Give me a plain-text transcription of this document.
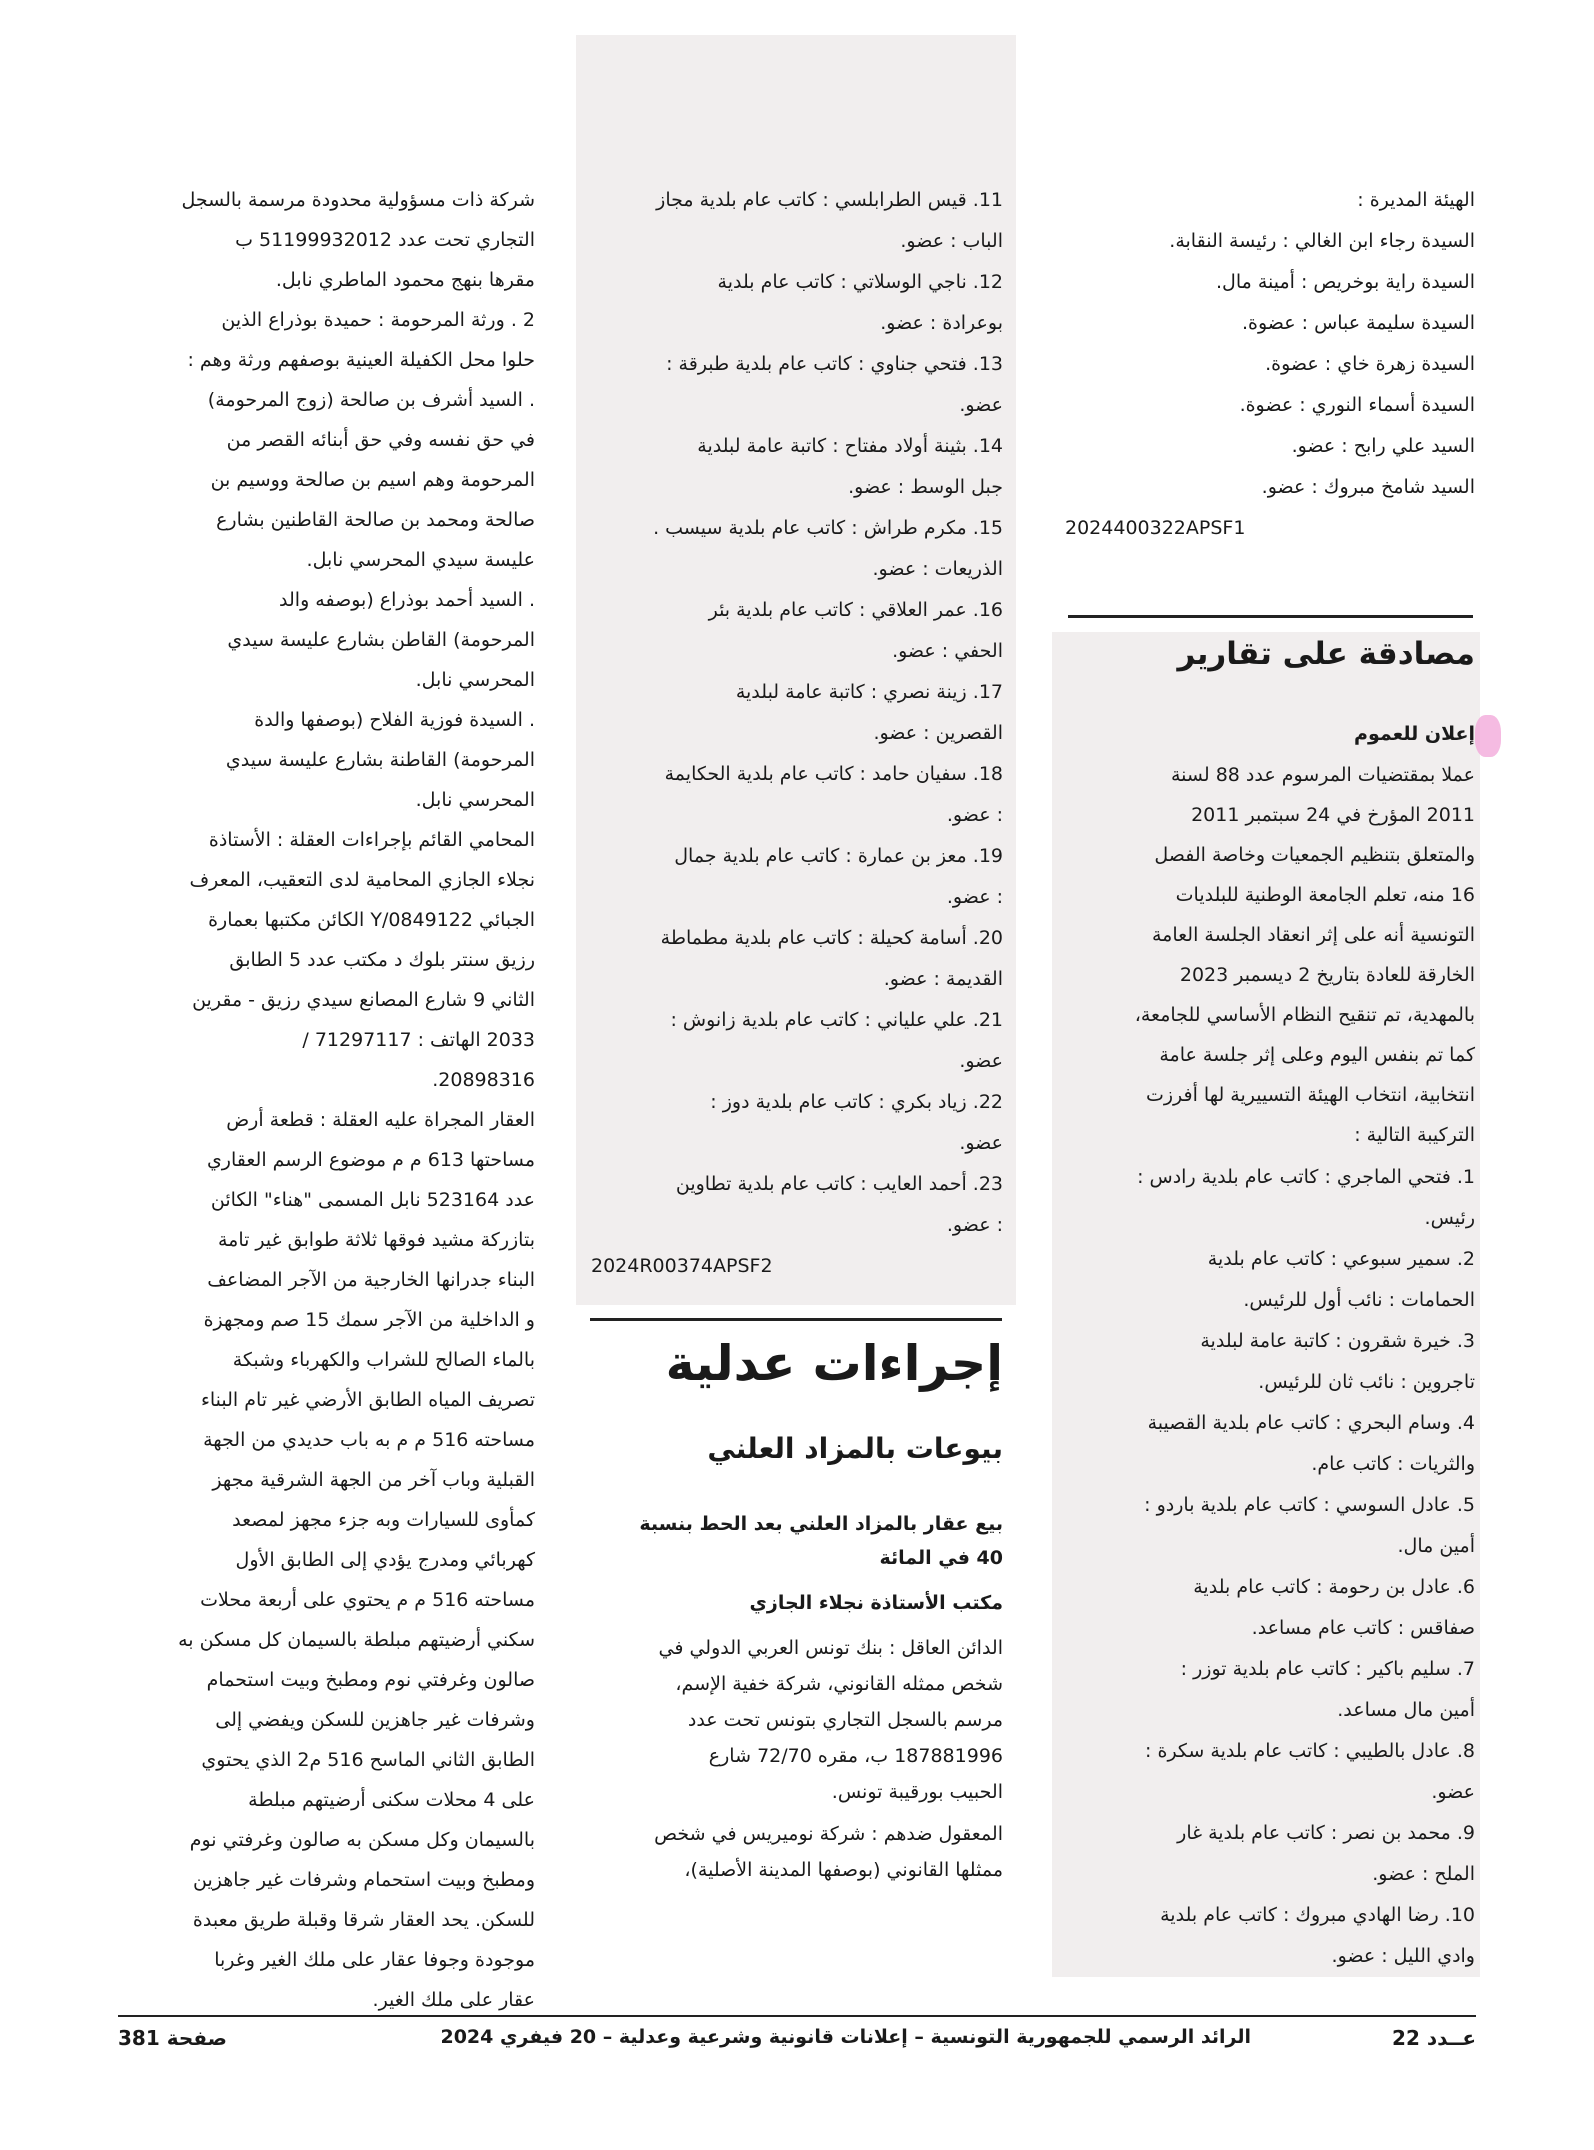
الهيئة المديرة :

السيدة رجاء ابن الغالي : رئيسة النقابة.

السيدة راية بوخريص : أمينة مال.

السيدة سليمة عباس : عضوة.

السيدة زهرة خاي : عضوة.

السيدة أسماء النوري : عضوة.

السيد علي رابح : عضو.

السيد شامخ مبروك : عضو.

2024400322APSF1

مصادقة على تقارير

إعلان للعموم

عملا بمقتضيات المرسوم عدد 88 لسنة

2011 المؤرخ في 24 سبتمبر 2011

والمتعلق بتنظيم الجمعيات وخاصة الفصل

16 منه، تعلم الجامعة الوطنية للبلديات

التونسية أنه على إثر انعقاد الجلسة العامة

الخارقة للعادة بتاريخ 2 ديسمبر 2023

بالمهدية، تم تنقيح النظام الأساسي للجامعة،

كما تم بنفس اليوم وعلى إثر جلسة عامة

انتخابية، انتخاب الهيئة التسييرية لها أفرزت

التركيبة التالية :

1. فتحي الماجري : كاتب عام بلدية رادس :

رئيس.

2. سمير سبوعي : كاتب عام بلدية

الحمامات : نائب أول للرئيس.

3. خيرة شقرون : كاتبة عامة لبلدية

تاجروين : نائب ثان للرئيس.

4. وسام البحري : كاتب عام بلدية القصيبة

والثريات : كاتب عام.

5. عادل السوسي : كاتب عام بلدية باردو :

أمين مال.

6. عادل بن رحومة : كاتب عام بلدية

صفاقس : كاتب عام مساعد.

7. سليم باكير : كاتب عام بلدية توزر :

أمين مال مساعد.

8. عادل بالطيبي : كاتب عام بلدية سكرة :

عضو.

9. محمد بن نصر : كاتب عام بلدية غار

الملح : عضو.

10. رضا الهادي مبروك : كاتب عام بلدية

وادي الليل : عضو.

11. قيس الطرابلسي : كاتب عام بلدية مجاز

الباب : عضو.

12. ناجي الوسلاتي : كاتب عام بلدية

بوعرادة : عضو.

13. فتحي جناوي : كاتب عام بلدية طبرقة :

عضو.

14. بثينة أولاد مفتاح : كاتبة عامة لبلدية

جبل الوسط : عضو.

15. مكرم طراش : كاتب عام بلدية سيسب .

الذريعات : عضو.

16. عمر العلاقي : كاتب عام بلدية بئر

الحفي : عضو.

17. زينة نصري : كاتبة عامة لبلدية

القصرين : عضو.

18. سفيان حامد : كاتب عام بلدية الحكايمة

: عضو.

19. معز بن عمارة : كاتب عام بلدية جمال

: عضو.

20. أسامة كحيلة : كاتب عام بلدية مطماطة

القديمة : عضو.

21. علي علياني : كاتب عام بلدية زانوش :

عضو.

22. زياد بكري : كاتب عام بلدية دوز :

عضو.

23. أحمد العايب : كاتب عام بلدية تطاوين

: عضو.

2024R00374APSF2

إجراءات عدلية

بيوعات بالمزاد العلني

بيع عقار بالمزاد العلني بعد الحط بنسبة

40 في المائة

مكتب الأستاذة نجلاء الجازي

الدائن العاقل : بنك تونس العربي الدولي في

شخص ممثله القانوني، شركة خفية الإسم،

مرسم بالسجل التجاري بتونس تحت عدد

187881996 ب، مقره 72/70 شارع

الحبيب بورقيبة تونس.

المعقول ضدهم : شركة نوميريس في شخص

ممثلها القانوني (بوصفها المدينة الأصلية)،

شركة ذات مسؤولية محدودة مرسمة بالسجل

التجاري تحت عدد 51199932012 ب

مقرها بنهج محمود الماطري نابل.

2 . ورثة المرحومة : حميدة بوذراع الذين

حلوا محل الكفيلة العينية بوصفهم ورثة وهم :

. السيد أشرف بن صالحة (زوج المرحومة)

في حق نفسه وفي حق أبنائه القصر من

المرحومة وهم اسيم بن صالحة ووسيم بن

صالحة ومحمد بن صالحة القاطنين بشارع

عليسة سيدي المحرسي نابل.

. السيد أحمد بوذراع (بوصفه والد

المرحومة) القاطن بشارع عليسة سيدي

المحرسي نابل.

. السيدة فوزية الفلاح (بوصفها والدة

المرحومة) القاطنة بشارع عليسة سيدي

المحرسي نابل.

المحامي القائم بإجراءات العقلة : الأستاذة

نجلاء الجازي المحامية لدى التعقيب، المعرف

الجبائي 0849122/Y الكائن مكتبها بعمارة

رزيق سنتر بلوك د مكتب عدد 5 الطابق

الثاني 9 شارع المصانع سيدي رزيق - مقرين

2033 الهاتف : 71297117 /

20898316.

العقار المجراة عليه العقلة : قطعة أرض

مساحتها 613 م م موضوع الرسم العقاري

عدد 523164 نابل المسمى "هناء" الكائن

بتازركة مشيد فوقها ثلاثة طوابق غير تامة

البناء جدرانها الخارجية من الآجر المضاعف

و الداخلية من الآجر سمك 15 صم ومجهزة

بالماء الصالح للشراب والكهرباء وشبكة

تصريف المياه الطابق الأرضي غير تام البناء

مساحته 516 م م به باب حديدي من الجهة

القبلية وباب آخر من الجهة الشرقية مجهز

كمأوى للسيارات وبه جزء مجهز لمصعد

كهربائي ومدرج يؤدي إلى الطابق الأول

مساحته 516 م م يحتوي على أربعة محلات

سكني أرضيتهم مبلطة بالسيمان كل مسكن به

صالون وغرفتي نوم ومطبخ وبيت استحمام

وشرفات غير جاهزين للسكن ويفضي إلى

الطابق الثاني الماسح 516 م2 الذي يحتوي

على 4 محلات سكنى أرضيتهم مبلطة

بالسيمان وكل مسكن به صالون وغرفتي نوم

ومطبخ وبيت استحمام وشرفات غير جاهزين

للسكن. يحد العقار شرقا وقبلة طريق معبدة

موجودة وجوفا عقار على ملك الغير وغربا

عقار على ملك الغير.

عــدد 22
الرائد الرسمي للجمهورية التونسية – إعلانات قانونية وشرعية وعدلية – 20 فيفري 2024
صفحة 381
